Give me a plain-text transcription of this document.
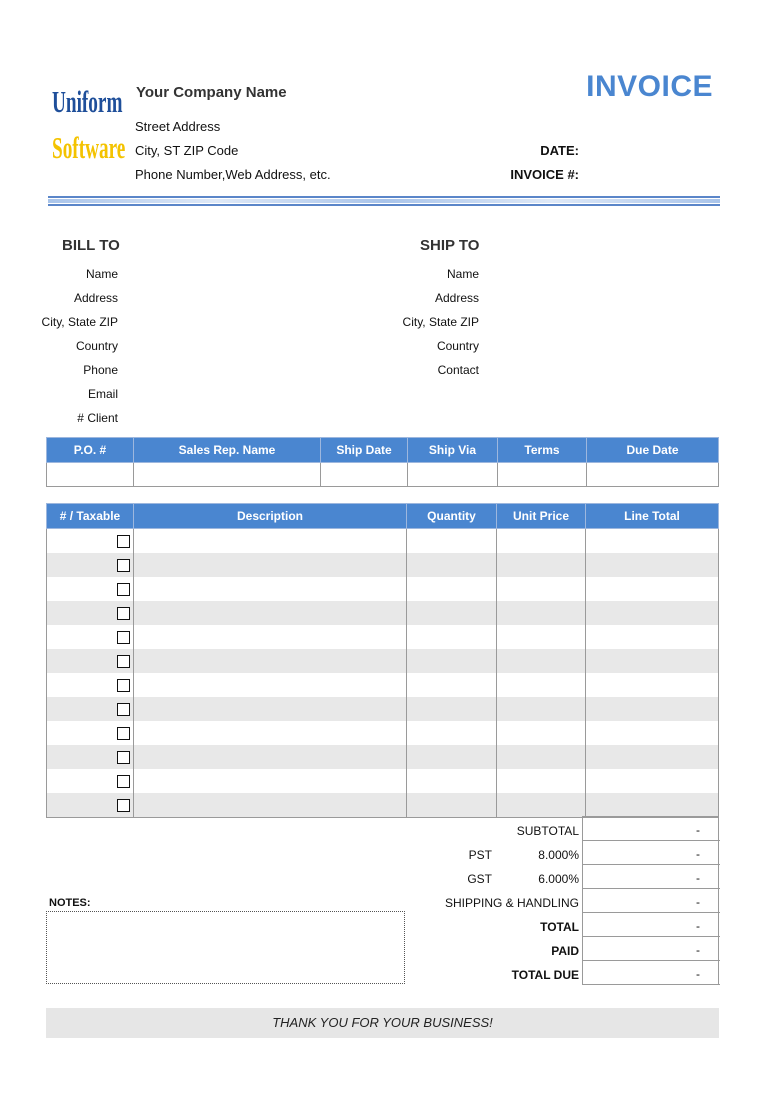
Uniform
Software
Your Company Name
Street Address
City, ST ZIP Code
Phone Number,Web Address, etc.
INVOICE
DATE:
INVOICE #:
BILL TO	SHIP TO
Name
Address
City, State ZIP
Country
Phone
Email
Client #
Name
Address
City, State ZIP
Country
Contact
P.O. #	Sales Rep. Name	Ship Date	Ship Via	Terms	Due Date

# / Taxable	Description	Quantity	Unit Price	Line Total

SUBTOTAL	-
PST	8.000%	-
GST	6.000%	-
SHIPPING & HANDLING	-
TOTAL	-
PAID	-
TOTAL DUE	-
NOTES:
THANK YOU FOR YOUR BUSINESS!
